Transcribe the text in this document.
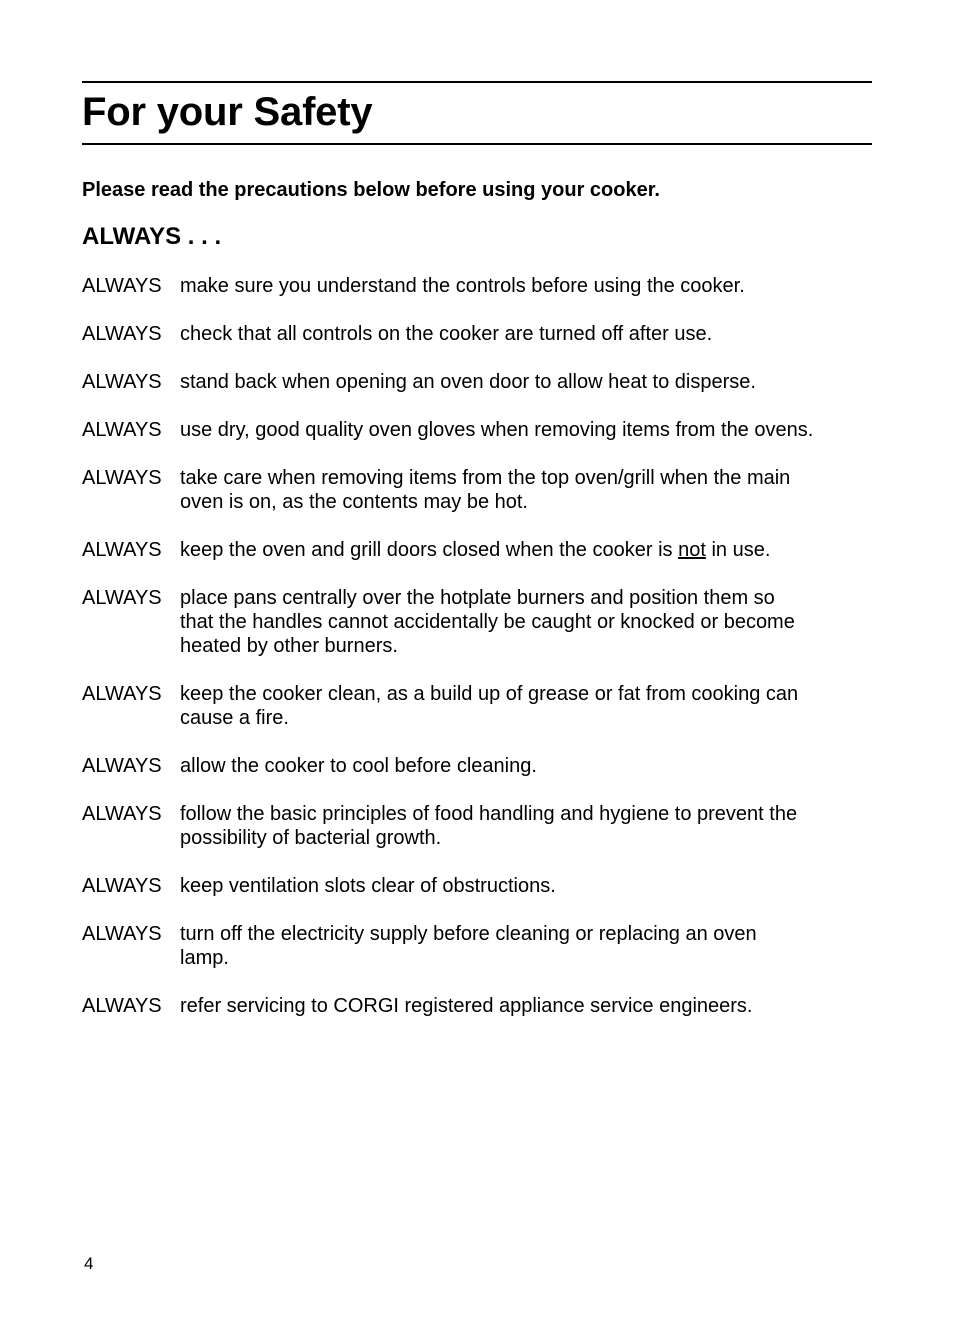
For your Safety

Please read the precautions below before using your cooker.

ALWAYS . . .
ALWAYS make sure you understand the controls before using the cooker.
ALWAYS check that all controls on the cooker are turned off after use.
ALWAYS stand back when opening an oven door to allow heat to disperse.
ALWAYS use dry, good quality oven gloves when removing items from the ovens.
ALWAYS take care when removing items from the top oven/grill when the main
oven is on, as the contents may be hot.
ALWAYS keep the oven and grill doors closed when the cooker is not in use.
ALWAYS place pans centrally over the hotplate burners and position them so
that the handles cannot accidentally be caught or knocked or become
heated by other burners.
ALWAYS keep the cooker clean, as a build up of grease or fat from cooking can
cause a fire.
ALWAYS allow the cooker to cool before cleaning.
ALWAYS follow the basic principles of food handling and hygiene to prevent the
possibility of bacterial growth.
ALWAYS keep ventilation slots clear of obstructions.
ALWAYS turn off the electricity supply before cleaning or replacing an oven
lamp.
ALWAYS refer servicing to CORGI registered appliance service engineers.
4
